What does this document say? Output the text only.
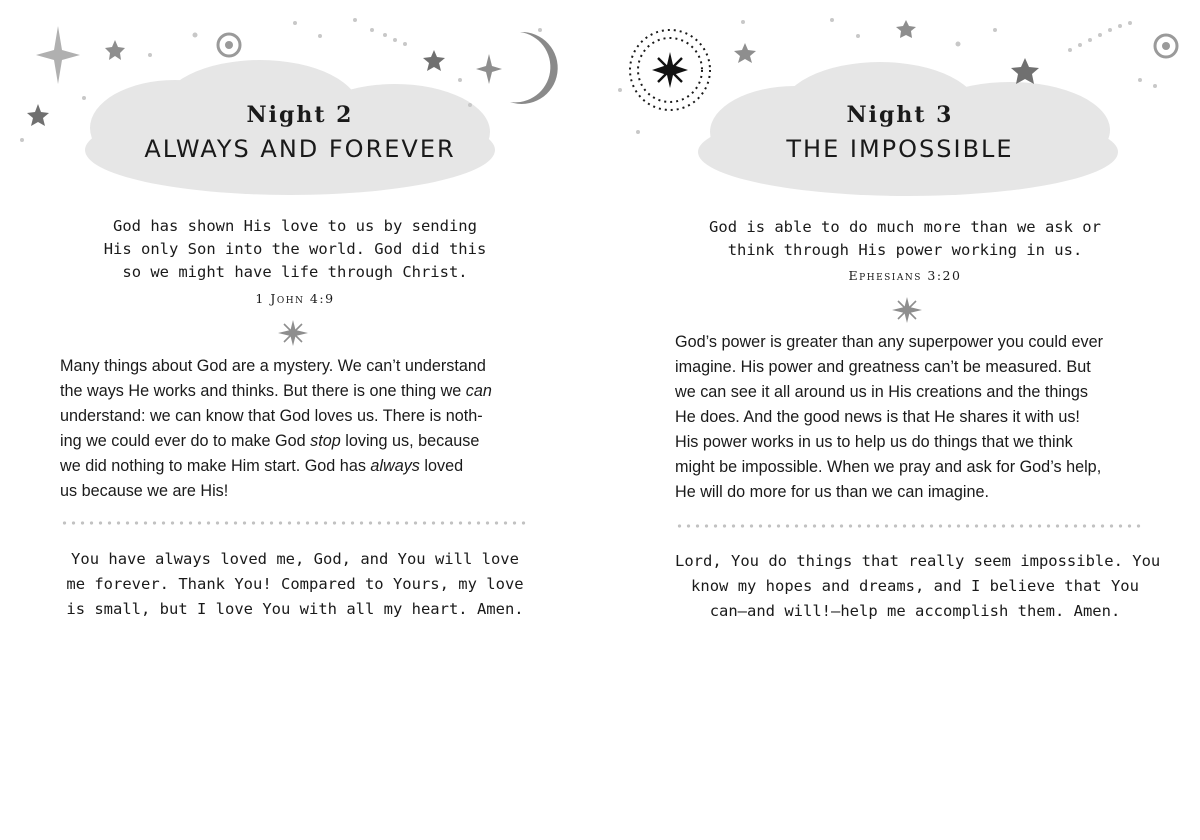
Night 2
ALWAYS AND FOREVER
God has shown His love to us by sending
His only Son into the world. God did this
so we might have life through Christ.
1 John 4:9
Many things about God are a mystery. We can’t understand
the ways He works and thinks. But there is one thing we can
understand: we can know that God loves us. There is noth-
ing we could ever do to make God stop loving us, because
we did nothing to make Him start. God has always loved
us because we are His!
You have always loved me, God, and You will love
me forever. Thank You! Compared to Yours, my love
is small, but I love You with all my heart. Amen.
Night 3
THE IMPOSSIBLE
God is able to do much more than we ask or
think through His power working in us.
Ephesians 3:20
God’s power is greater than any superpower you could ever
imagine. His power and greatness can’t be measured. But
we can see it all around us in His creations and the things
He does. And the good news is that He shares it with us!
His power works in us to help us do things that we think
might be impossible. When we pray and ask for God’s help,
He will do more for us than we can imagine.
Lord, You do things that really seem impossible. You
know my hopes and dreams, and I believe that You
can—and will!—help me accomplish them. Amen.
